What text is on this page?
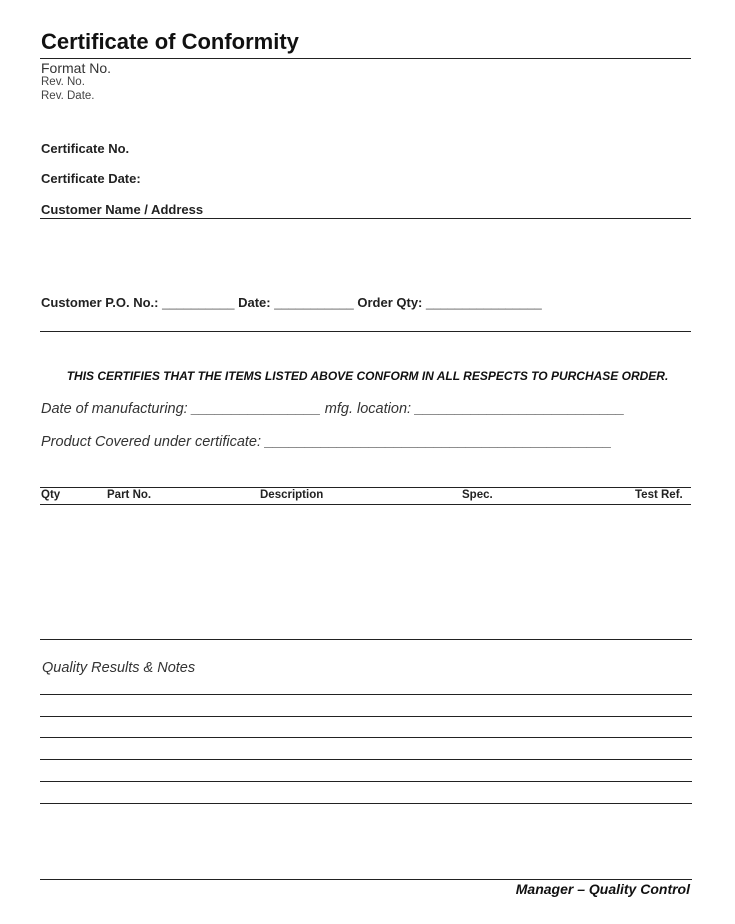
Certificate of Conformity
Format No.
Rev. No.
Rev. Date.
Certificate No.
Certificate Date:
Customer Name / Address
Customer P.O. No.: __________ Date: ___________ Order Qty: ________________
THIS CERTIFIES THAT THE ITEMS LISTED ABOVE CONFORM IN ALL RESPECTS TO PURCHASE ORDER.
Date of manufacturing: ________________ mfg. location: __________________________
Product Covered under certificate: ___________________________________________
Qty	Part No.	Description	Spec.	Test Ref.
Quality Results & Notes
Manager – Quality Control
